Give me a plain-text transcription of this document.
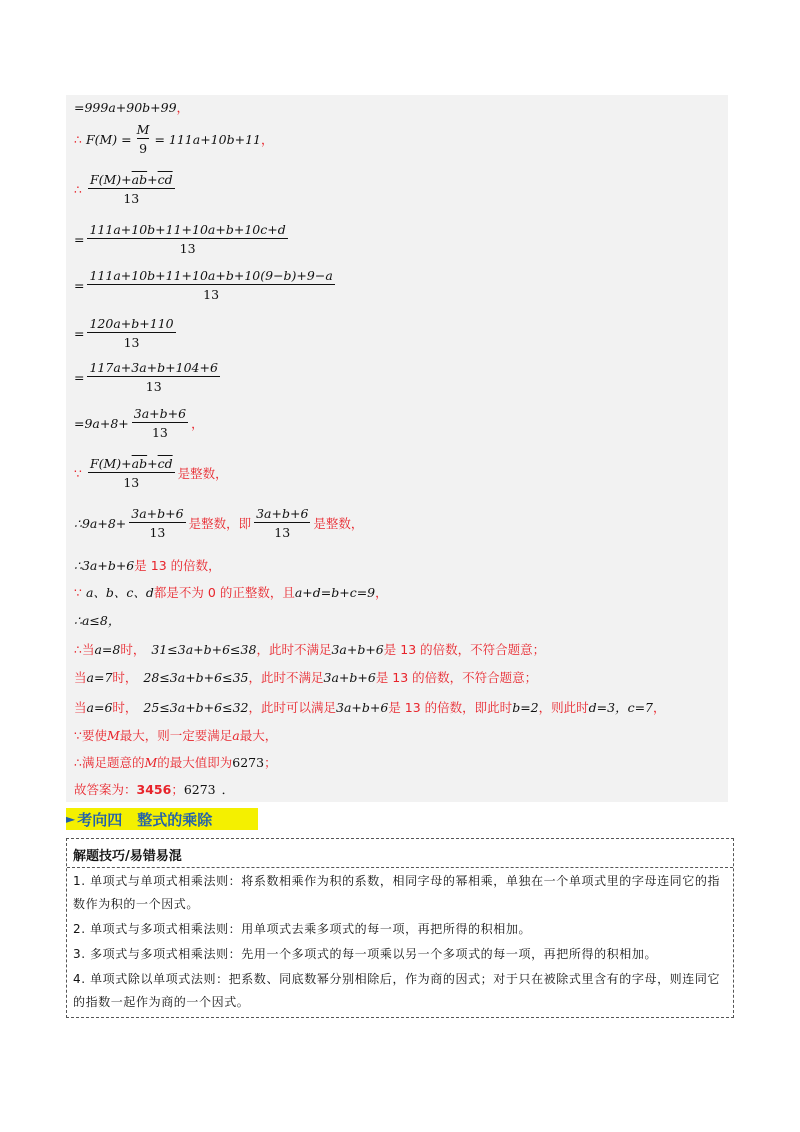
=999a+90b+99 ，
∴ $F(M) = \frac{M}{9} = 111a+10b+11$ ，
∴ $\frac{F(M)+\overline{ab}+\overline{cd}}{13}$
= $\frac{111a+10b+11+10a+b+10c+d}{13}$
= $\frac{111a+10b+11+10a+b+10(9-b)+9-a}{13}$
= $\frac{120a+b+110}{13}$
= $\frac{117a+3a+b+104+6}{13}$
$=9a+8+ \frac{3a+b+6}{13}$ ，
∵ $\frac{F(M)+\overline{ab}+\overline{cd}}{13}$ 是整数，
∴9a+8+ $\frac{3a+b+6}{13}$ 是整数，即 $\frac{3a+b+6}{13}$ 是整数，
∴3a+b+6 是 13 的倍数，
∵ a、b、c、d 都是不为 0 的正整数，且 a+d=b+c=9 ，
∴a≤8，
∴当 a=8 时， 31≤3a+b+6≤38 ，此时不满足 3a+b+6 是 13 的倍数，不符合题意；
当 a=7 时， 28≤3a+b+6≤35 ，此时不满足 3a+b+6 是 13 的倍数，不符合题意；
当 a=6 时， 25≤3a+b+6≤32 ，此时可以满足 3a+b+6 是 13 的倍数，即此时 b=2 ，则此时 d=3，c=7 ，
∵要使 M 最大，则一定要满足 a 最大，
∴满足题意的 M 的最大值即为 6273 ；
故答案为： 3456 ； 6273 ．
► 考向四　整式的乘除
解题技巧/易错易混
1. 单项式与单项式相乘法则：将系数相乘作为积的系数，相同字母的幂相乘，单独在一个单项式里的字母连同它的指数作为积的一个因式。
2. 单项式与多项式相乘法则：用单项式去乘多项式的每一项，再把所得的积相加。
3. 多项式与多项式相乘法则：先用一个多项式的每一项乘以另一个多项式的每一项，再把所得的积相加。
4. 单项式除以单项式法则：把系数、同底数幂分别相除后，作为商的因式；对于只在被除式里含有的字母，则连同它的指数一起作为商的一个因式。
